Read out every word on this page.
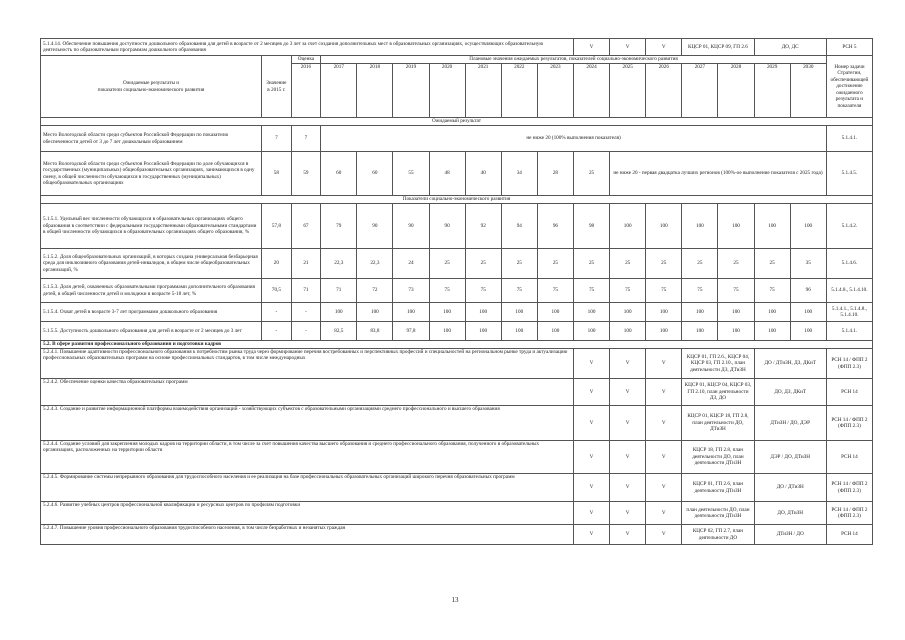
5.1.4.14. Обеспечение повышения доступности дошкольного образования для детей в возрасте от 2 месяцев до 3 лет за счет создания дополнительных мест в образовательных организациях, осуществляющих образовательную деятельность по образовательным программам дошкольного образования										V	V	V	КЦСР 01, КЦСР 09, ГП 2.6		ДО, ДС		РСН 5
Ожидаемые результаты и
показатели социально-экономического развития	Значение
в 2015 г.	Оценка	Плановые значения ожидаемых результатов, показателей социально-экономического развития														Номер задачи Стратегии, обеспечивающей достижение ожидаемого результата и показателя
		2016	2017	2018	2019	2020	2021	2022	2023	2024	2025	2026	2027	2028	2029	2030	
Ожидаемый результат																	
Место Вологодской области среди субъектов Российской Федерации по показателю обеспеченности детей от 3 до 7 лет дошкольным образованием	7	7	не ниже 20 (100% выполнения показателя)														5.1.4.1.
Место Вологодской области среди субъектов Российской Федерации по доле обучающихся в государственных (муниципальных) общеобразовательных организациях, занимающихся в одну смену, в общей численности обучающихся в государственных (муниципальных) общеобразовательных организациях	58	59	60	60	55	48	40	34	28	25	не ниже 20 - первая двадцатка лучших регионов (100%-ое выполнение показателя с 2025 года)						5.1.4.5.
Показатели социально-экономического развития																	
5.1.5.1. Удельный вес численности обучающихся в образовательных организациях общего образования в соответствии с федеральными государственными образовательными стандартами в общей численности обучающихся в образовательных организациях общего образования, %	57,8	67	79	90	90	90	92	94	96	98	100	100	100	100	100	100	5.1.4.2.
5.1.5.2. Доля общеобразовательных организаций, в которых создана универсальная безбарьерная среда для инклюзивного образования детей-инвалидов, в общем числе общеобразовательных организаций, %	20	21	22,3	22,3	24	25	25	25	25	25	25	25	25	25	25	35	5.1.4.6.
5.1.5.3. Доля детей, охваченных образовательными программами дополнительного образования детей, в общей численности детей и молодежи в возрасте 5-18 лет, %	70,5	71	71	72	73	75	75	75	75	75	75	75	75	75	75	96	5.1.4.8., 5.1.4.10.
5.1.5.4. Охват детей в возрасте 3-7 лет программами дошкольного образования	-	-	100	100	100	100	100	100	100	100	100	100	100	100	100	100	5.1.4.1., 5.1.4.8., 5.1.4.10.
5.1.5.5. Доступность дошкольного образования для детей в возрасте от 2 месяцев до 3 лет	-	-	82,5	83,8	97,8	100	100	100	100	100	100	100	100	100	100	100	5.1.4.1.
5.2. В сфере развития профессионального образования и подготовки кадров																	
5.2.4.1. Повышение адаптивности профессионального образования к потребностям рынка труда через формирование перечня востребованных и перспективных профессий и специальностей на региональном рынке труда и актуализацию профессиональных образовательных программ на основе профессиональных стандартов, в том числе международных										V	V	V	КЦСР 01, ГП 2.6., КЦСР 04, КЦСР 03, ГП 2.10., план деятельности ДЗ, ДТиЗН		ДО / ДТиЗН, ДЗ, ДКиТ		РСН 14 / ФПП 2 (ФПП 2.3)
5.2.4.2. Обеспечение оценки качества образовательных программ										V	V	V	КЦСР 01, КЦСР 04, КЦСР 03, ГП 2.10, план деятельности ДЗ, ДО		ДО, ДЗ, ДКиТ		РСН 14
5.2.4.3. Создание и развитие информационной платформы взаимодействия организаций - хозяйствующих субъектов с образовательными организациями среднего профессионального и высшего образования										V	V	V	КЦСР 01, КЦСР 18, ГП 2.8, план деятельности ДО, ДТиЗН		ДТиЗН / ДО, ДЭР		РСН 14 / ФПП 2 (ФПП 2.3)
5.2.4.4. Создание условий для закрепления молодых кадров на территории области, в том числе за счет повышения качества высшего образования и среднего профессионального образования, полученного в образовательных организациях, расположенных на территории области										V	V	V	КЦСР 18, ГП 2.8, план деятельности ДО, план деятельности ДТиЗН		ДЭР / ДО, ДТиЗН		РСН 14
5.2.4.5. Формирование системы непрерывного образования для трудоспособного населения и ее реализация на базе профессиональных образовательных организаций широкого перечня образовательных программ										V	V	V	КЦСР 01, ГП 2.6, план деятельности ДТиЗН		ДО / ДТиЗН		РСН 14 / ФПП 2 (ФПП 2.3)
5.2.4.6. Развитие учебных центров профессиональной квалификации и ресурсных центров по профилям подготовки										V	V	V	план деятельности ДО, план деятельности ДТиЗН		ДО, ДТиЗН		РСН 14 / ФПП 2 (ФПП 2.3)
5.2.4.7. Повышение уровня профессионального образования трудоспособного населения, в том числе безработных и незанятых граждан										V	V	V	КЦСР 02, ГП 2.7, план деятельности ДО		ДТиЗН / ДО		РСН 14
13
